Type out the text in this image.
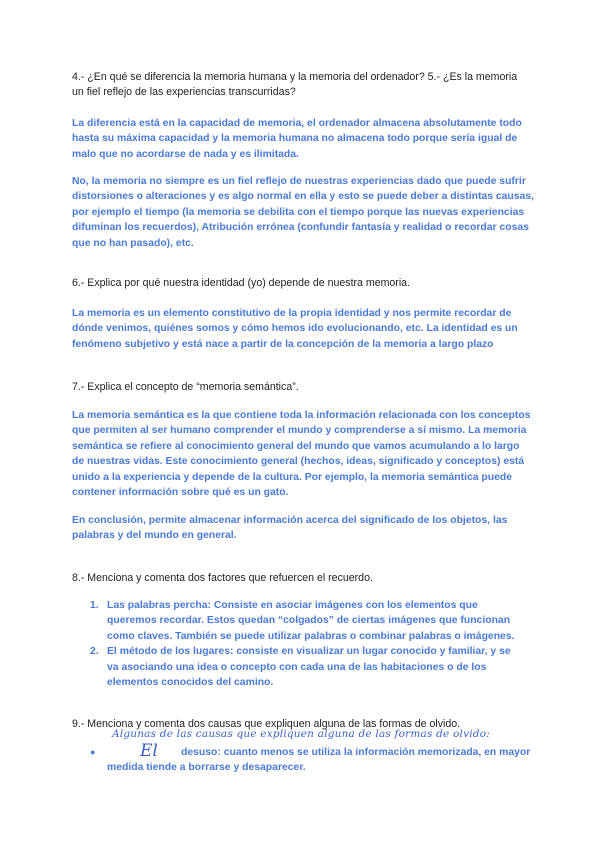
4.- ¿En qué se diferencia la memoria humana y la memoria del ordenador? 5.- ¿Es la memoria un fiel reflejo de las experiencias transcurridas?
La diferencia está en la capacidad de memoria, el ordenador almacena absolutamente todo hasta su máxima capacidad y la memoria humana no almacena todo porque sería igual de malo que no acordarse de nada y es ilimitada.
No, la memoria no siempre es un fiel reflejo de nuestras experiencias dado que puede sufrir distorsiones o alteraciones y es algo normal en ella y esto se puede deber a distintas causas, por ejemplo el tiempo (la memoria se debilita con el tiempo porque las nuevas experiencias difuminan los recuerdos), Atribución errónea (confundir fantasía y realidad o recordar cosas que no han pasado), etc.
6.- Explica por qué nuestra identidad (yo) depende de nuestra memoria.
La memoria es un elemento constitutivo de la propia identidad y nos permite recordar de dónde venimos, quiénes somos y cómo hemos ido evolucionando, etc. La identidad es un fenómeno subjetivo y está nace a partir de la concepción de la memoria a largo plazo
7.- Explica el concepto de “memoria semántica”.
La memoria semántica es la que contiene toda la información relacionada con los conceptos que permiten al ser humano comprender el mundo y comprenderse a sí mismo. La memoria semántica se refiere al conocimiento general del mundo que vamos acumulando a lo largo de nuestras vidas. Este conocimiento general (hechos, ideas, significado y conceptos) está unido a la experiencia y depende de la cultura. Por ejemplo, la memoria semántica puede contener información sobre qué es un gato.
En conclusión, permite almacenar información acerca del significado de los objetos, las palabras y del mundo en general.
8.- Menciona y comenta dos factores que refuercen el recuerdo.
1. Las palabras percha: Consiste en asociar imágenes con los elementos que queremos recordar. Estos quedan “colgados” de ciertas imágenes que funcionan como claves. También se puede utilizar palabras o combinar palabras o imágenes.
2. El método de los lugares: consiste en visualizar un lugar conocido y familiar, y se va asociando una idea o concepto con cada una de las habitaciones o de los elementos conocidos del camino.
9.- Menciona y comenta dos causas que expliquen alguna de las formas de olvido.
Algunas de las causas que expliquen alguna de las formas de olvido:
●	desuso: cuanto menos se utiliza la información memorizada, en mayor medida tiende a borrarse y desaparecer.
El
